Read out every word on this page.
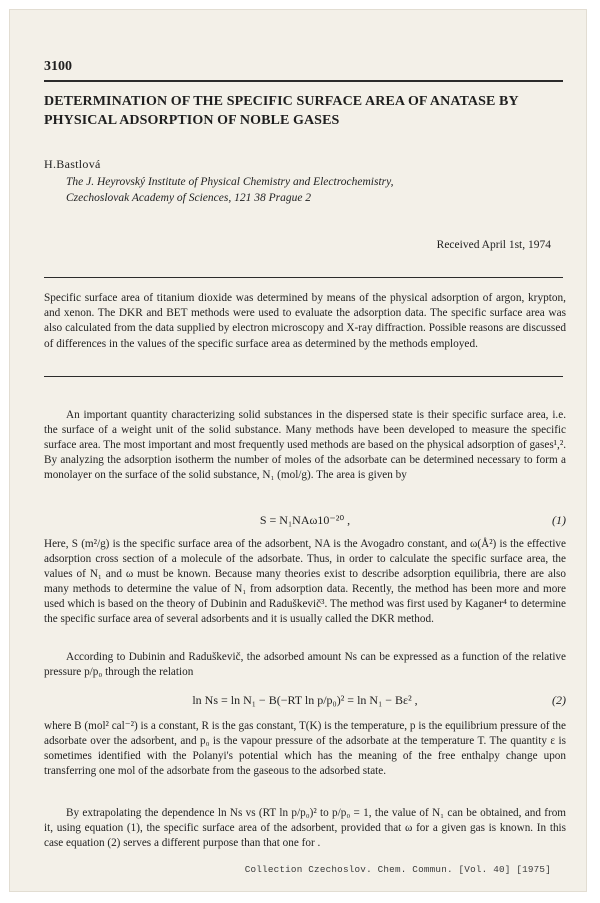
3100
DETERMINATION OF THE SPECIFIC SURFACE AREA OF ANATASE BY PHYSICAL ADSORPTION OF NOBLE GASES
H.Bastlová
The J. Heyrovský Institute of Physical Chemistry and Electrochemistry,
Czechoslovak Academy of Sciences, 121 38 Prague 2
Received April 1st, 1974
Specific surface area of titanium dioxide was determined by means of the physical adsorption of argon, krypton, and xenon. The DKR and BET methods were used to evaluate the adsorption data. The specific surface area was also calculated from the data supplied by electron microscopy and X-ray diffraction. Possible reasons are discussed of differences in the values of the specific surface area as determined by the methods employed.
An important quantity characterizing solid substances in the dispersed state is their specific surface area, i.e. the surface of a weight unit of the solid substance. Many methods have been developed to measure the specific surface area. The most important and most frequently used methods are based on the physical adsorption of gases¹,². By analyzing the adsorption isotherm the number of moles of the adsorbate can be determined necessary to form a monolayer on the surface of the solid substance, N₁ (mol/g). The area is given by
S = N₁NAω10⁻²⁰ ,	(1)
Here, S (m²/g) is the specific surface area of the adsorbent, NA is the Avogadro constant, and ω(Å²) is the effective adsorption cross section of a molecule of the adsorbate. Thus, in order to calculate the specific surface area, the values of N₁ and ω must be known. Because many theories exist to describe adsorption equilibria, there are also many methods to determine the value of N₁ from adsorption data. Recently, the method has been more and more used which is based on the theory of Dubinin and Raduškevič³. The method was first used by Kaganer⁴ to determine the specific surface area of several adsorbents and it is usually called the DKR method.
According to Dubinin and Raduškevič, the adsorbed amount Ns can be expressed as a function of the relative pressure p/p₀ through the relation
ln Ns = ln N₁ − B(−RT ln p/p₀)² = ln N₁ − Bε² ,	(2)
where B (mol² cal⁻²) is a constant, R is the gas constant, T(K) is the temperature, p is the equilibrium pressure of the adsorbate over the adsorbent, and p₀ is the vapour pressure of the adsorbate at the temperature T. The quantity ε is sometimes identified with the Polanyi's potential which has the meaning of the free enthalpy change upon transferring one mol of the adsorbate from the gaseous to the adsorbed state.
By extrapolating the dependence ln Ns vs (RT ln p/p₀)² to p/p₀ = 1, the value of N₁ can be obtained, and from it, using equation (1), the specific surface area of the adsorbent, provided that ω for a given gas is known. In this case equation (2) serves a different purpose than that one for .
Collection Czechoslov. Chem. Commun. [Vol. 40] [1975]
